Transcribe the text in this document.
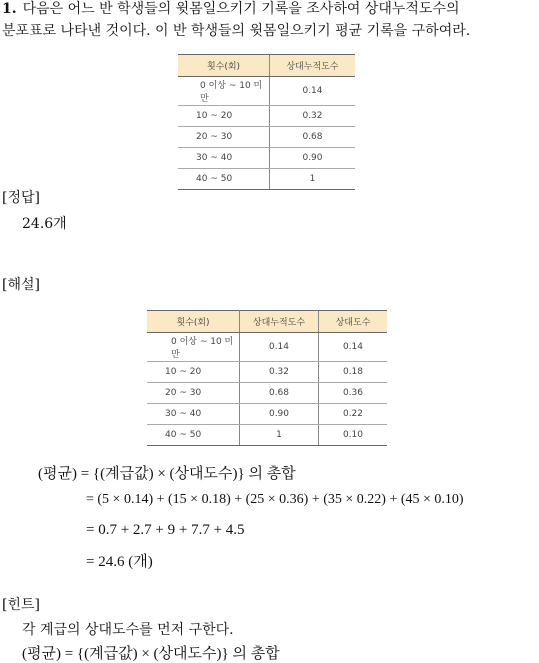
1. 다음은 어느 반 학생들의 윗몸일으키기 기록을 조사하여 상대누적도수의
분포표로 나타낸 것이다. 이 반 학생들의 윗몸일으키기 평균 기록을 구하여라.
횟수(회)	상대누적도수
0 이상 ~ 10 미만	0.14
10 ~ 20	0.32
20 ~ 30	0.68
30 ~ 40	0.90
40 ~ 50	1
[정답]
24.6개
[해설]
횟수(회)	상대누적도수	상대도수
0 이상 ~ 10 미만	0.14	0.14
10 ~ 20	0.32	0.18
20 ~ 30	0.68	0.36
30 ~ 40	0.90	0.22
40 ~ 50	1	0.10
(평균) = {(계급값) × (상대도수)} 의 총합
= (5 × 0.14) + (15 × 0.18) + (25 × 0.36) + (35 × 0.22) + (45 × 0.10)
= 0.7 + 2.7 + 9 + 7.7 + 4.5
= 24.6 (개)
[힌트]
각 계급의 상대도수를 먼저 구한다.
(평균) = {(계급값) × (상대도수)} 의 총합
